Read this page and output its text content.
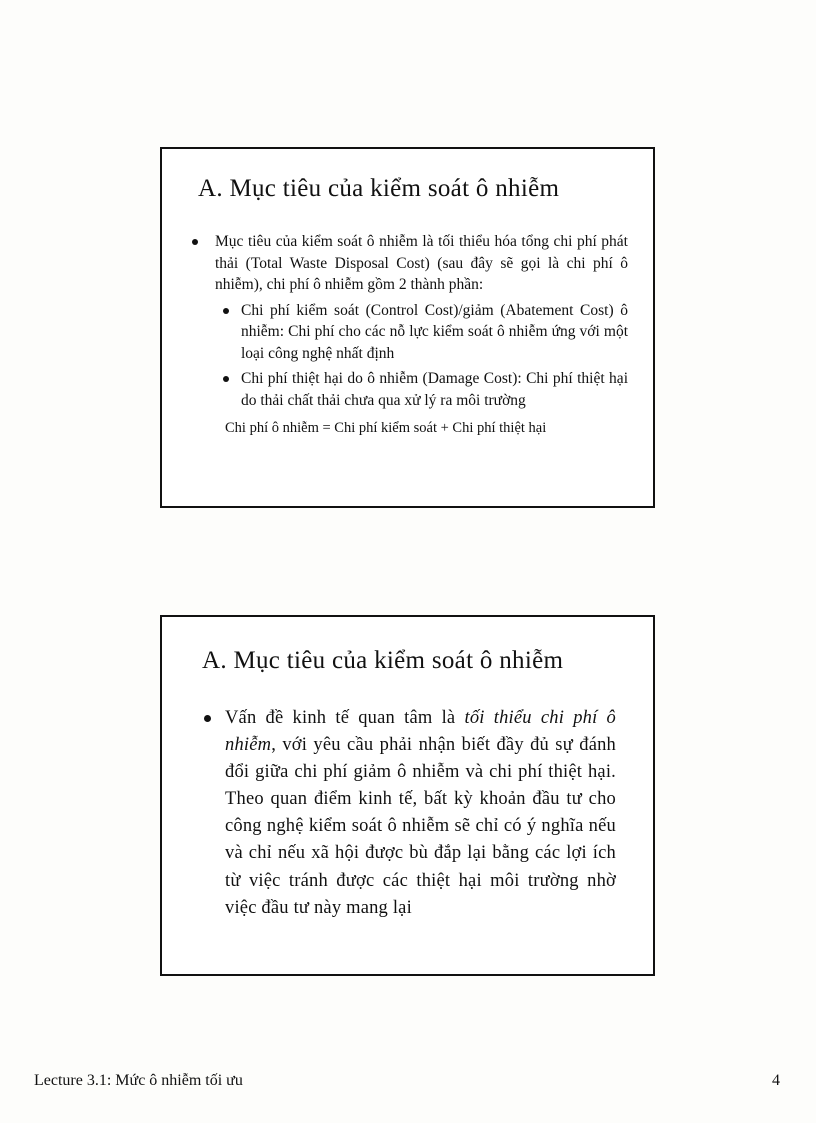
A. Mục tiêu của kiểm soát ô nhiễm
Mục tiêu của kiểm soát ô nhiễm là tối thiểu hóa tổng chi phí phát thải (Total Waste Disposal Cost) (sau đây sẽ gọi là chi phí ô nhiễm), chi phí ô nhiễm gồm 2 thành phần:
Chi phí kiểm soát (Control Cost)/giảm (Abatement Cost) ô nhiễm: Chi phí cho các nỗ lực kiểm soát ô nhiễm ứng với một loại công nghệ nhất định
Chi phí thiệt hại do ô nhiễm (Damage Cost): Chi phí thiệt hại do thải chất thải chưa qua xử lý ra môi trường
Chi phí ô nhiễm = Chi phí kiểm soát + Chi phí thiệt hại
A. Mục tiêu của kiểm soát ô nhiễm
Vấn đề kinh tế quan tâm là tối thiểu chi phí ô nhiễm, với yêu cầu phải nhận biết đầy đủ sự đánh đổi giữa chi phí giảm ô nhiễm và chi phí thiệt hại. Theo quan điểm kinh tế, bất kỳ khoản đầu tư cho công nghệ kiểm soát ô nhiễm sẽ chỉ có ý nghĩa nếu và chỉ nếu xã hội được bù đắp lại bằng các lợi ích từ việc tránh được các thiệt hại môi trường nhờ việc đầu tư này mang lại
Lecture 3.1: Mức ô nhiễm tối ưu	4
